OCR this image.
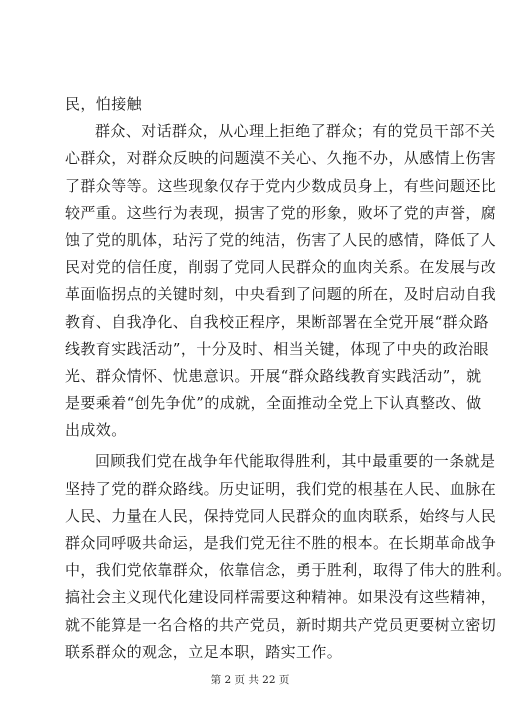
民，怕接触
群众、对话群众，从心理上拒绝了群众；有的党员干部不关
心群众，对群众反映的问题漠不关心、久拖不办，从感情上伤害
了群众等等。这些现象仅存于党内少数成员身上，有些问题还比
较严重。这些行为表现，损害了党的形象，败坏了党的声誉，腐
蚀了党的肌体，玷污了党的纯洁，伤害了人民的感情，降低了人
民对党的信任度，削弱了党同人民群众的血肉关系。在发展与改
革面临拐点的关键时刻，中央看到了问题的所在，及时启动自我
教育、自我净化、自我校正程序，果断部署在全党开展“群众路
线教育实践活动”，十分及时、相当关键，体现了中央的政治眼
光、群众情怀、忧患意识。开展“群众路线教育实践活动”，就
是要乘着“创先争优”的成就，全面推动全党上下认真整改、做
出成效。
回顾我们党在战争年代能取得胜利，其中最重要的一条就是
坚持了党的群众路线。历史证明，我们党的根基在人民、血脉在
人民、力量在人民，保持党同人民群众的血肉联系，始终与人民
群众同呼吸共命运，是我们党无往不胜的根本。在长期革命战争
中，我们党依靠群众，依靠信念，勇于胜利，取得了伟大的胜利。
搞社会主义现代化建设同样需要这种精神。如果没有这些精神，
就不能算是一名合格的共产党员，新时期共产党员更要树立密切
联系群众的观念，立足本职，踏实工作。
第 2 页 共 22 页
